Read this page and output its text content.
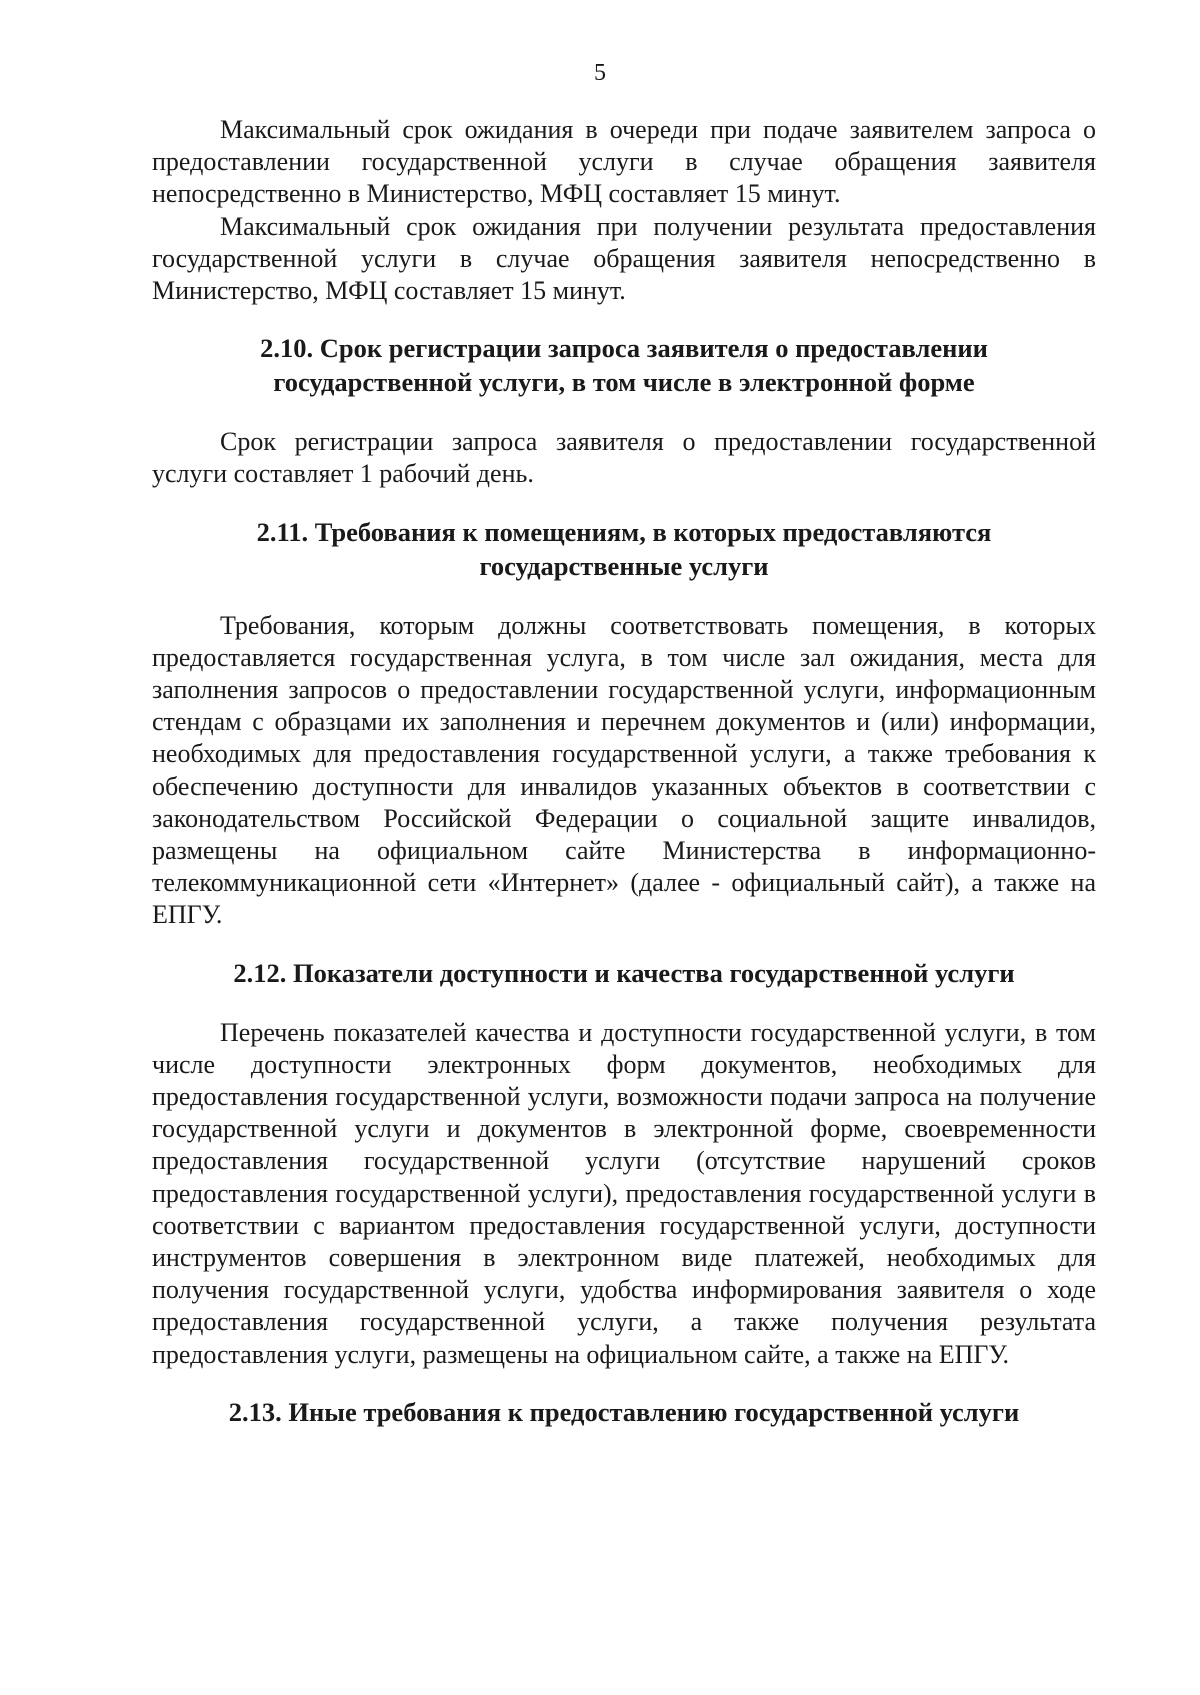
5

Максимальный срок ожидания в очереди при подаче заявителем запроса о предоставлении государственной услуги в случае обращения заявителя непосредственно в Министерство, МФЦ составляет 15 минут.

Максимальный срок ожидания при получении результата предоставления государственной услуги в случае обращения заявителя непосредственно в Министерство, МФЦ составляет 15 минут.

2.10. Срок регистрации запроса заявителя о предоставлении
государственной услуги, в том числе в электронной форме

Срок регистрации запроса заявителя о предоставлении государственной услуги составляет 1 рабочий день.

2.11. Требования к помещениям, в которых предоставляются
государственные услуги

Требования, которым должны соответствовать помещения, в которых предоставляется государственная услуга, в том числе зал ожидания, места для заполнения запросов о предоставлении государственной услуги, информационным стендам с образцами их заполнения и перечнем документов и (или) информации, необходимых для предоставления государственной услуги, а также требования к обеспечению доступности для инвалидов указанных объектов в соответствии с законодательством Российской Федерации о социальной защите инвалидов, размещены на официальном сайте Министерства в информационно-телекоммуникационной сети «Интернет» (далее - официальный сайт), а также на ЕПГУ.

2.12. Показатели доступности и качества государственной услуги

Перечень показателей качества и доступности государственной услуги, в том числе доступности электронных форм документов, необходимых для предоставления государственной услуги, возможности подачи запроса на получение государственной услуги и документов в электронной форме, своевременности предоставления государственной услуги (отсутствие нарушений сроков предоставления государственной услуги), предоставления государственной услуги в соответствии с вариантом предоставления государственной услуги, доступности инструментов совершения в электронном виде платежей, необходимых для получения государственной услуги, удобства информирования заявителя о ходе предоставления государственной услуги, а также получения результата предоставления услуги, размещены на официальном сайте, а также на ЕПГУ.

2.13. Иные требования к предоставлению государственной услуги
